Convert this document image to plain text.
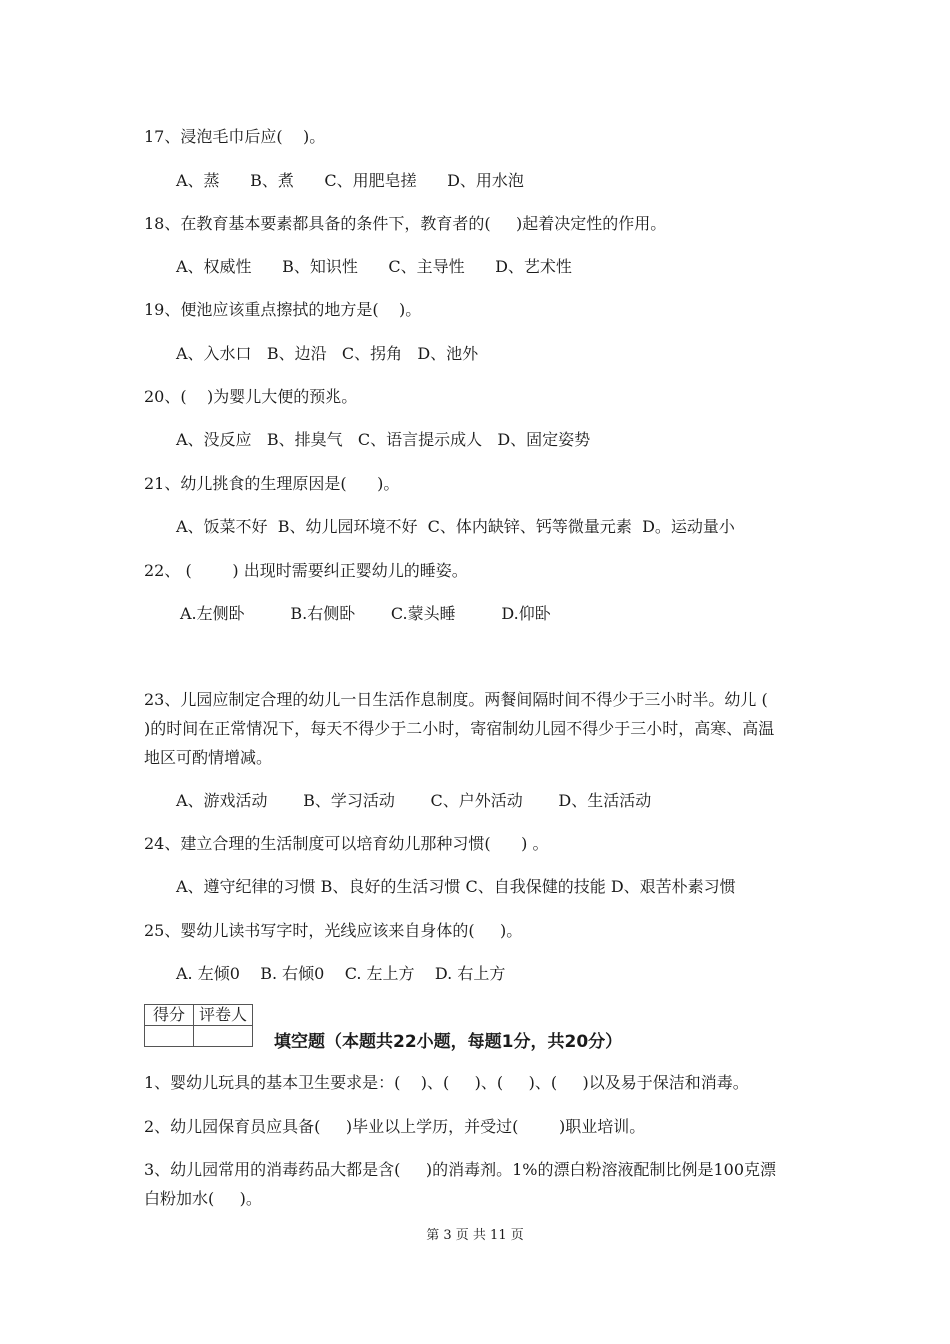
17、浸泡毛巾后应(    )。

A、蒸      B、煮      C、用肥皂搓      D、用水泡

18、在教育基本要素都具备的条件下，教育者的(     )起着决定性的作用。

A、权威性      B、知识性      C、主导性      D、艺术性

19、便池应该重点擦拭的地方是(    )。

A、入水口   B、边沿   C、拐角   D、池外

20、(    )为婴儿大便的预兆。

A、没反应   B、排臭气   C、语言提示成人   D、固定姿势

21、幼儿挑食的生理原因是(      )。

A、饭菜不好  B、幼儿园环境不好  C、体内缺锌、钙等微量元素  D。运动量小

22、 (        ) 出现时需要纠正婴幼儿的睡姿。

A.左侧卧         B.右侧卧       C.蒙头睡         D.仰卧

23、儿园应制定合理的幼儿一日生活作息制度。两餐间隔时间不得少于三小时半。幼儿 (

)的时间在正常情况下，每天不得少于二小时，寄宿制幼儿园不得少于三小时，高寒、高温

地区可酌情增减。

A、游戏活动       B、学习活动       C、户外活动       D、生活活动

24、建立合理的生活制度可以培育幼儿那种习惯(      ) 。

A、遵守纪律的习惯 B、良好的生活习惯 C、自我保健的技能 D、艰苦朴素习惯

25、婴幼儿读书写字时，光线应该来自身体的(     )。

A. 左倾0    B. 右倾0    C. 左上方    D. 右上方

得分	评卷人

填空题（本题共22小题，每题1分，共20分）

1、婴幼儿玩具的基本卫生要求是：(    )、(     )、(     )、(     )以及易于保洁和消毒。

2、幼儿园保育员应具备(     )毕业以上学历，并受过(        )职业培训。

3、幼儿园常用的消毒药品大都是含(     )的消毒剂。1%的漂白粉溶液配制比例是100克漂

白粉加水(     )。

第 3 页 共 11 页
